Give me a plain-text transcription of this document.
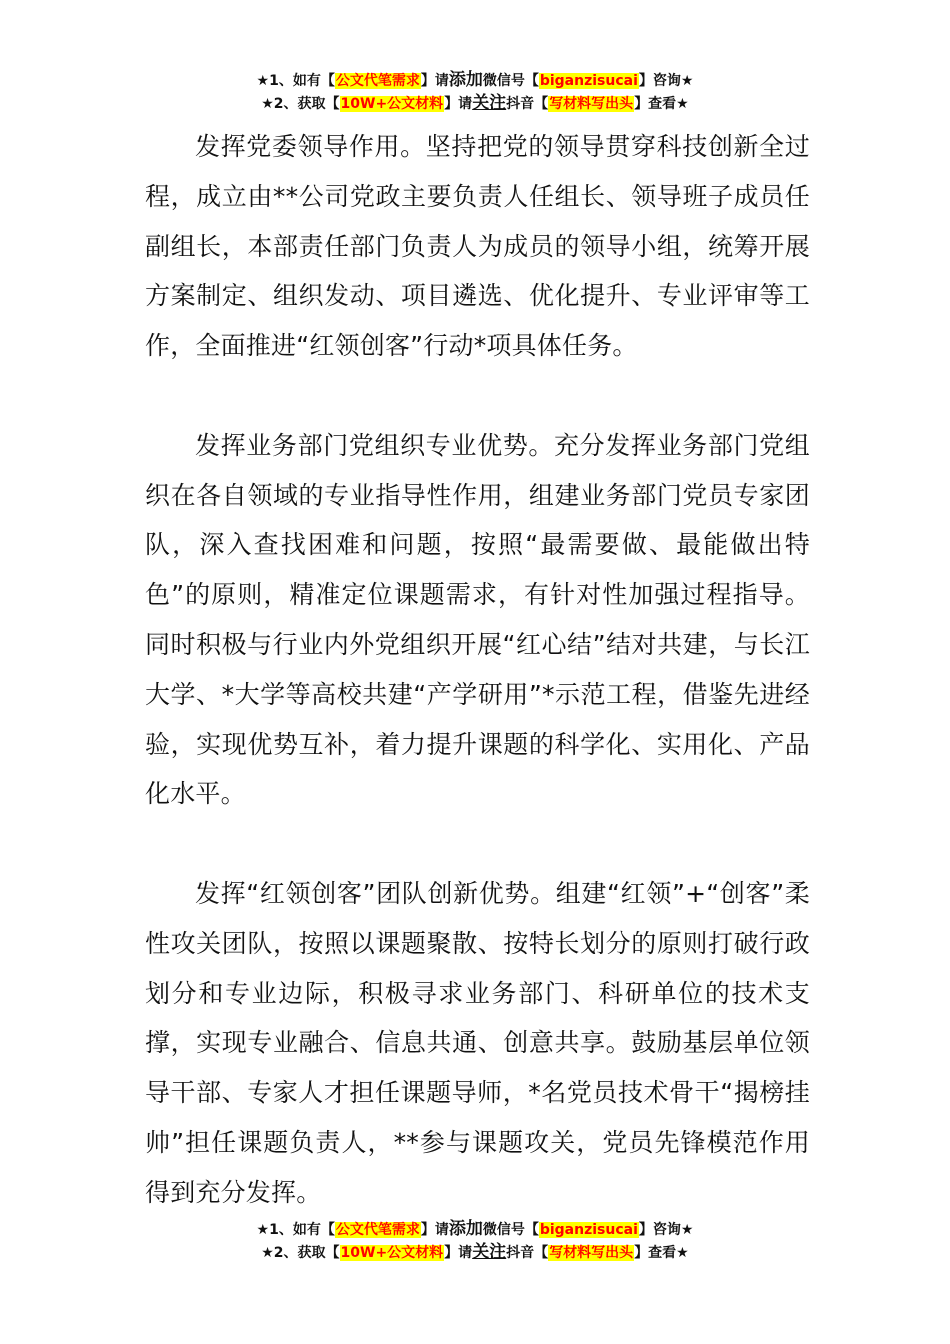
★1、如有【公文代笔需求】请添加微信号【biganzisucai】咨询★
★2、获取【10W+公文材料】请关注抖音【写材料写出头】查看★

发挥党委领导作用。坚持把党的领导贯穿科技创新全过程，成立由**公司党政主要负责人任组长、领导班子成员任副组长，本部责任部门负责人为成员的领导小组，统筹开展方案制定、组织发动、项目遴选、优化提升、专业评审等工作，全面推进“红领创客”行动*项具体任务。

发挥业务部门党组织专业优势。充分发挥业务部门党组织在各自领域的专业指导性作用，组建业务部门党员专家团队，深入查找困难和问题，按照“最需要做、最能做出特色”的原则，精准定位课题需求，有针对性加强过程指导。同时积极与行业内外党组织开展“红心结”结对共建，与长江大学、*大学等高校共建“产学研用”*示范工程，借鉴先进经验，实现优势互补，着力提升课题的科学化、实用化、产品化水平。

发挥“红领创客”团队创新优势。组建“红领”+“创客”柔性攻关团队，按照以课题聚散、按特长划分的原则打破行政划分和专业边际，积极寻求业务部门、科研单位的技术支撑，实现专业融合、信息共通、创意共享。鼓励基层单位领导干部、专家人才担任课题导师，*名党员技术骨干“揭榜挂帅”担任课题负责人，**参与课题攻关，党员先锋模范作用得到充分发挥。

★1、如有【公文代笔需求】请添加微信号【biganzisucai】咨询★
★2、获取【10W+公文材料】请关注抖音【写材料写出头】查看★
